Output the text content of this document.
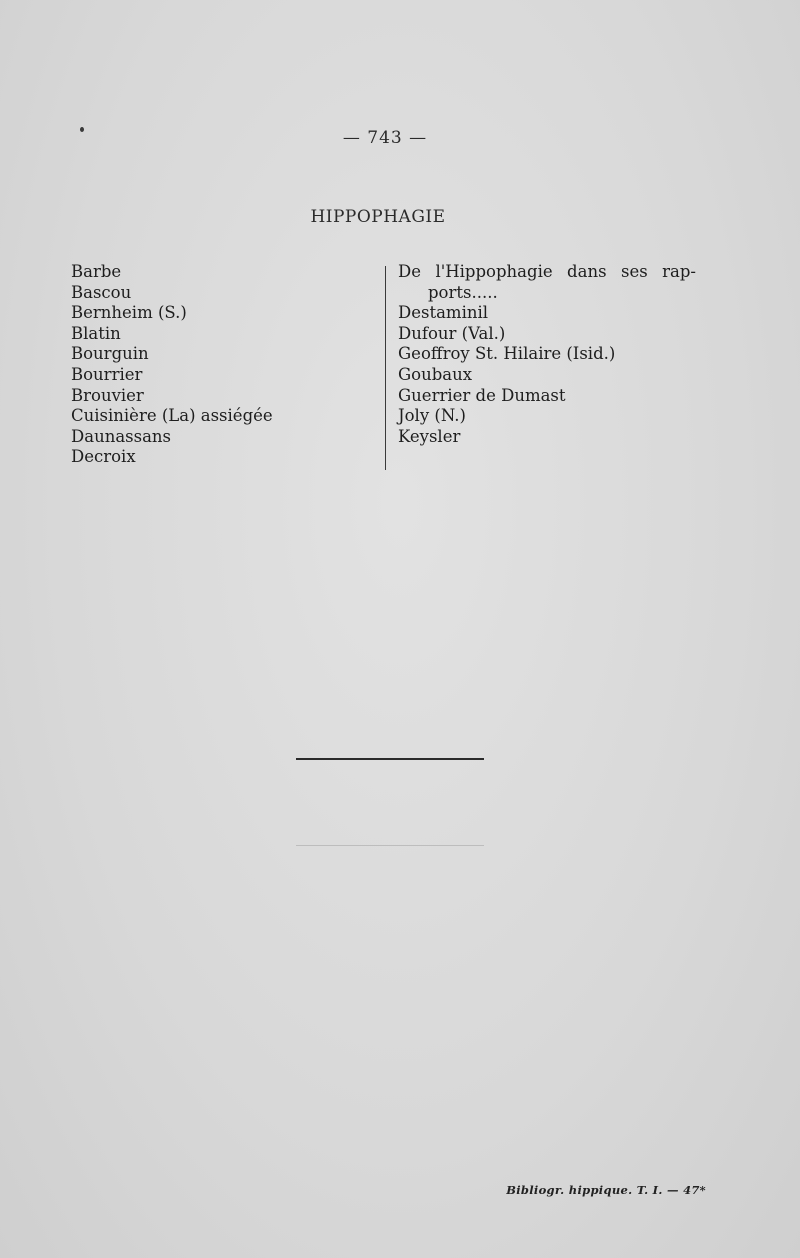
— 743 —
HIPPOPHAGIE
Barbe
Bascou
Bernheim (S.)
Blatin
Bourguin
Bourrier
Brouvier
Cuisinière (La) assiégée
Daunassans
Decroix
De l'Hippophagie dans ses rap-
ports.....
Destaminil
Dufour (Val.)
Geoffroy St. Hilaire (Isid.)
Goubaux
Guerrier de Dumast
Joly (N.)
Keysler
Bibliogr. hippique. T. I. — 47*
